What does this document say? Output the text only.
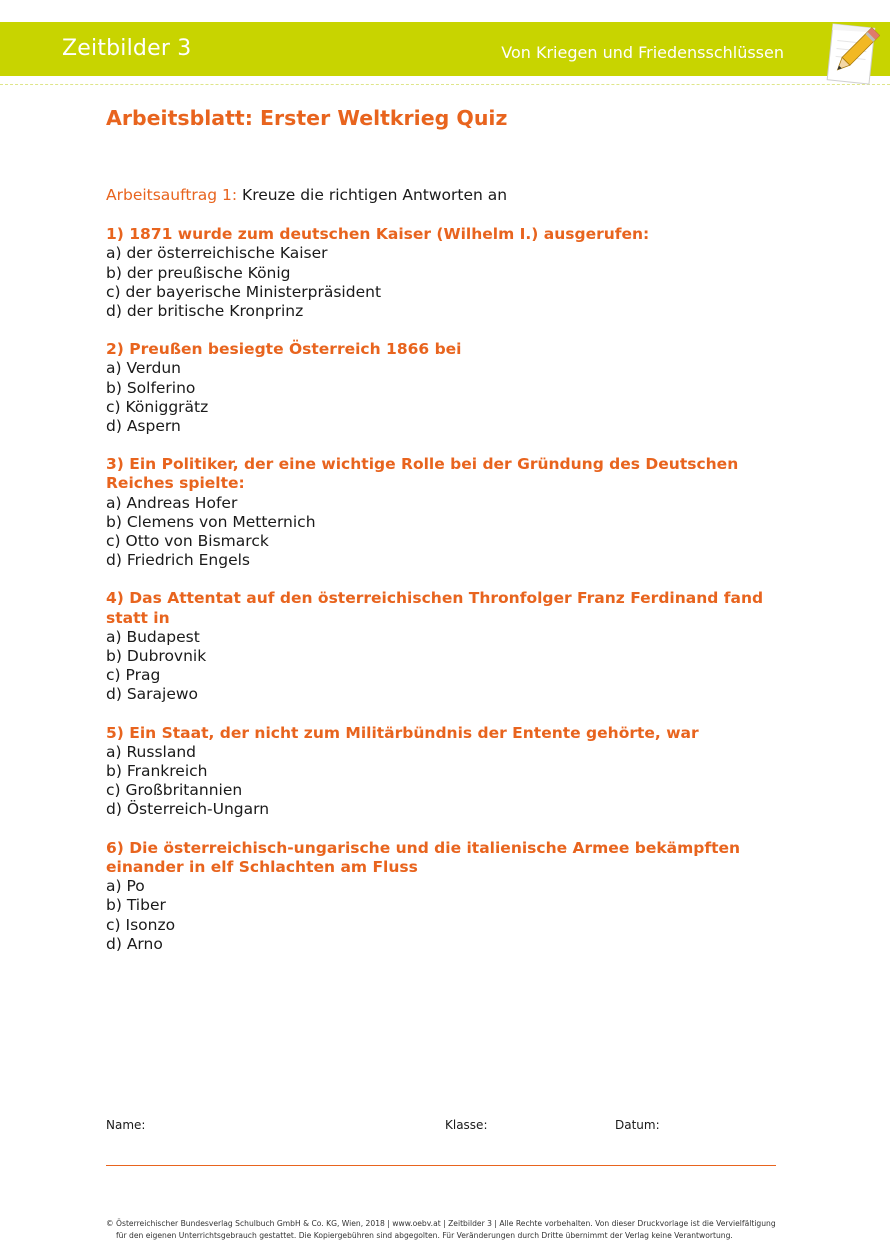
Zeitbilder 3	Von Kriegen und Friedensschlüssen
Arbeitsblatt: Erster Weltkrieg Quiz

Arbeitsauftrag 1: Kreuze die richtigen Antworten an

1) 1871 wurde zum deutschen Kaiser (Wilhelm I.) ausgerufen:
a) der österreichische Kaiser
b) der preußische König
c) der bayerische Ministerpräsident
d) der britische Kronprinz
2) Preußen besiegte Österreich 1866 bei
a) Verdun
b) Solferino
c) Königgrätz
d) Aspern
3) Ein Politiker, der eine wichtige Rolle bei der Gründung des Deutschen Reiches spielte:
a) Andreas Hofer
b) Clemens von Metternich
c) Otto von Bismarck
d) Friedrich Engels
4) Das Attentat auf den österreichischen Thronfolger Franz Ferdinand fand statt in
a) Budapest
b) Dubrovnik
c) Prag
d) Sarajewo
5) Ein Staat, der nicht zum Militärbündnis der Entente gehörte, war
a) Russland
b) Frankreich
c) Großbritannien
d) Österreich-Ungarn
6) Die österreichisch-ungarische und die italienische Armee bekämpften einander in elf Schlachten am Fluss
a) Po
b) Tiber
c) Isonzo
d) Arno
Name:	Klasse:	Datum:
© Österreichischer Bundesverlag Schulbuch GmbH & Co. KG, Wien, 2018 | www.oebv.at | Zeitbilder 3 | Alle Rechte vorbehalten. Von dieser Druckvorlage ist die Vervielfältigung
für den eigenen Unterrichtsgebrauch gestattet. Die Kopiergebühren sind abgegolten. Für Veränderungen durch Dritte übernimmt der Verlag keine Verantwortung.
